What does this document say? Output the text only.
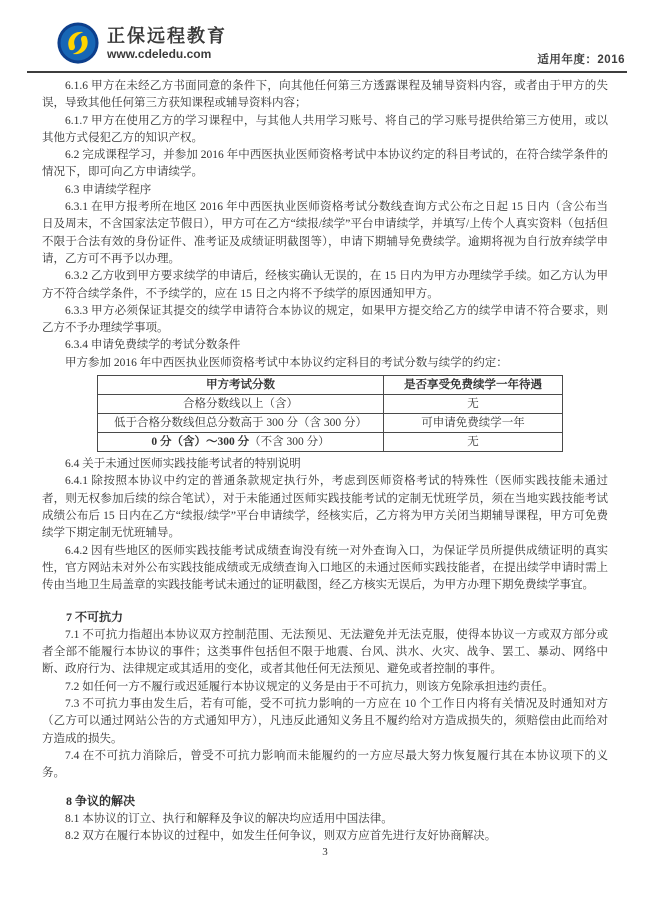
正保远程教育
www.cdeledu.com	适用年度：2016

6.1.6 甲方在未经乙方书面同意的条件下，向其他任何第三方透露课程及辅导资料内容，或者由于甲方的失误，导致其他任何第三方获知课程或辅导资料内容；

6.1.7 甲方在使用乙方的学习课程中，与其他人共用学习账号、将自己的学习账号提供给第三方使用，或以其他方式侵犯乙方的知识产权。

6.2 完成课程学习，并参加 2016 年中西医执业医师资格考试中本协议约定的科目考试的，在符合续学条件的情况下，即可向乙方申请续学。

6.3 申请续学程序

6.3.1 在甲方报考所在地区 2016 年中西医执业医师资格考试分数线查询方式公布之日起 15 日内（含公布当日及周末，不含国家法定节假日），甲方可在乙方“续报/续学”平台申请续学，并填写/上传个人真实资料（包括但不限于合法有效的身份证件、准考证及成绩证明截图等），申请下期辅导免费续学。逾期将视为自行放弃续学申请，乙方可不再予以办理。

6.3.2 乙方收到甲方要求续学的申请后，经核实确认无误的，在 15 日内为甲方办理续学手续。如乙方认为甲方不符合续学条件，不予续学的，应在 15 日之内将不予续学的原因通知甲方。

6.3.3 甲方必须保证其提交的续学申请符合本协议的规定，如果甲方提交给乙方的续学申请不符合要求，则乙方不予办理续学事项。

6.3.4 申请免费续学的考试分数条件

甲方参加 2016 年中西医执业医师资格考试中本协议约定科目的考试分数与续学的约定：

甲方考试分数	是否享受免费续学一年待遇
合格分数线以上（含）	无
低于合格分数线但总分数高于 300 分（含 300 分）	可申请免费续学一年
0 分（含）～300 分（不含 300 分）	无

6.4 关于未通过医师实践技能考试者的特别说明

6.4.1 除按照本协议中约定的普通条款规定执行外，考虑到医师资格考试的特殊性（医师实践技能未通过者，则无权参加后续的综合笔试），对于未能通过医师实践技能考试的定制无忧班学员，须在当地实践技能考试成绩公布后 15 日内在乙方“续报/续学”平台申请续学，经核实后，乙方将为甲方关闭当期辅导课程，甲方可免费续学下期定制无忧班辅导。

6.4.2 因有些地区的医师实践技能考试成绩查询没有统一对外查询入口，为保证学员所提供成绩证明的真实性，官方网站未对外公布实践技能成绩或无成绩查询入口地区的未通过医师实践技能者，在提出续学申请时需上传由当地卫生局盖章的实践技能考试未通过的证明截图，经乙方核实无误后，为甲方办理下期免费续学事宜。

7 不可抗力

7.1 不可抗力指超出本协议双方控制范围、无法预见、无法避免并无法克服，使得本协议一方或双方部分或者全部不能履行本协议的事件；这类事件包括但不限于地震、台风、洪水、火灾、战争、罢工、暴动、网络中断、政府行为、法律规定或其适用的变化，或者其他任何无法预见、避免或者控制的事件。

7.2 如任何一方不履行或迟延履行本协议规定的义务是由于不可抗力，则该方免除承担违约责任。

7.3 不可抗力事由发生后，若有可能，受不可抗力影响的一方应在 10 个工作日内将有关情况及时通知对方（乙方可以通过网站公告的方式通知甲方），凡违反此通知义务且不履约给对方造成损失的，须赔偿由此而给对方造成的损失。

7.4 在不可抗力消除后，曾受不可抗力影响而未能履约的一方应尽最大努力恢复履行其在本协议项下的义务。

8 争议的解决

8.1 本协议的订立、执行和解释及争议的解决均应适用中国法律。

8.2 双方在履行本协议的过程中，如发生任何争议，则双方应首先进行友好协商解决。

3
